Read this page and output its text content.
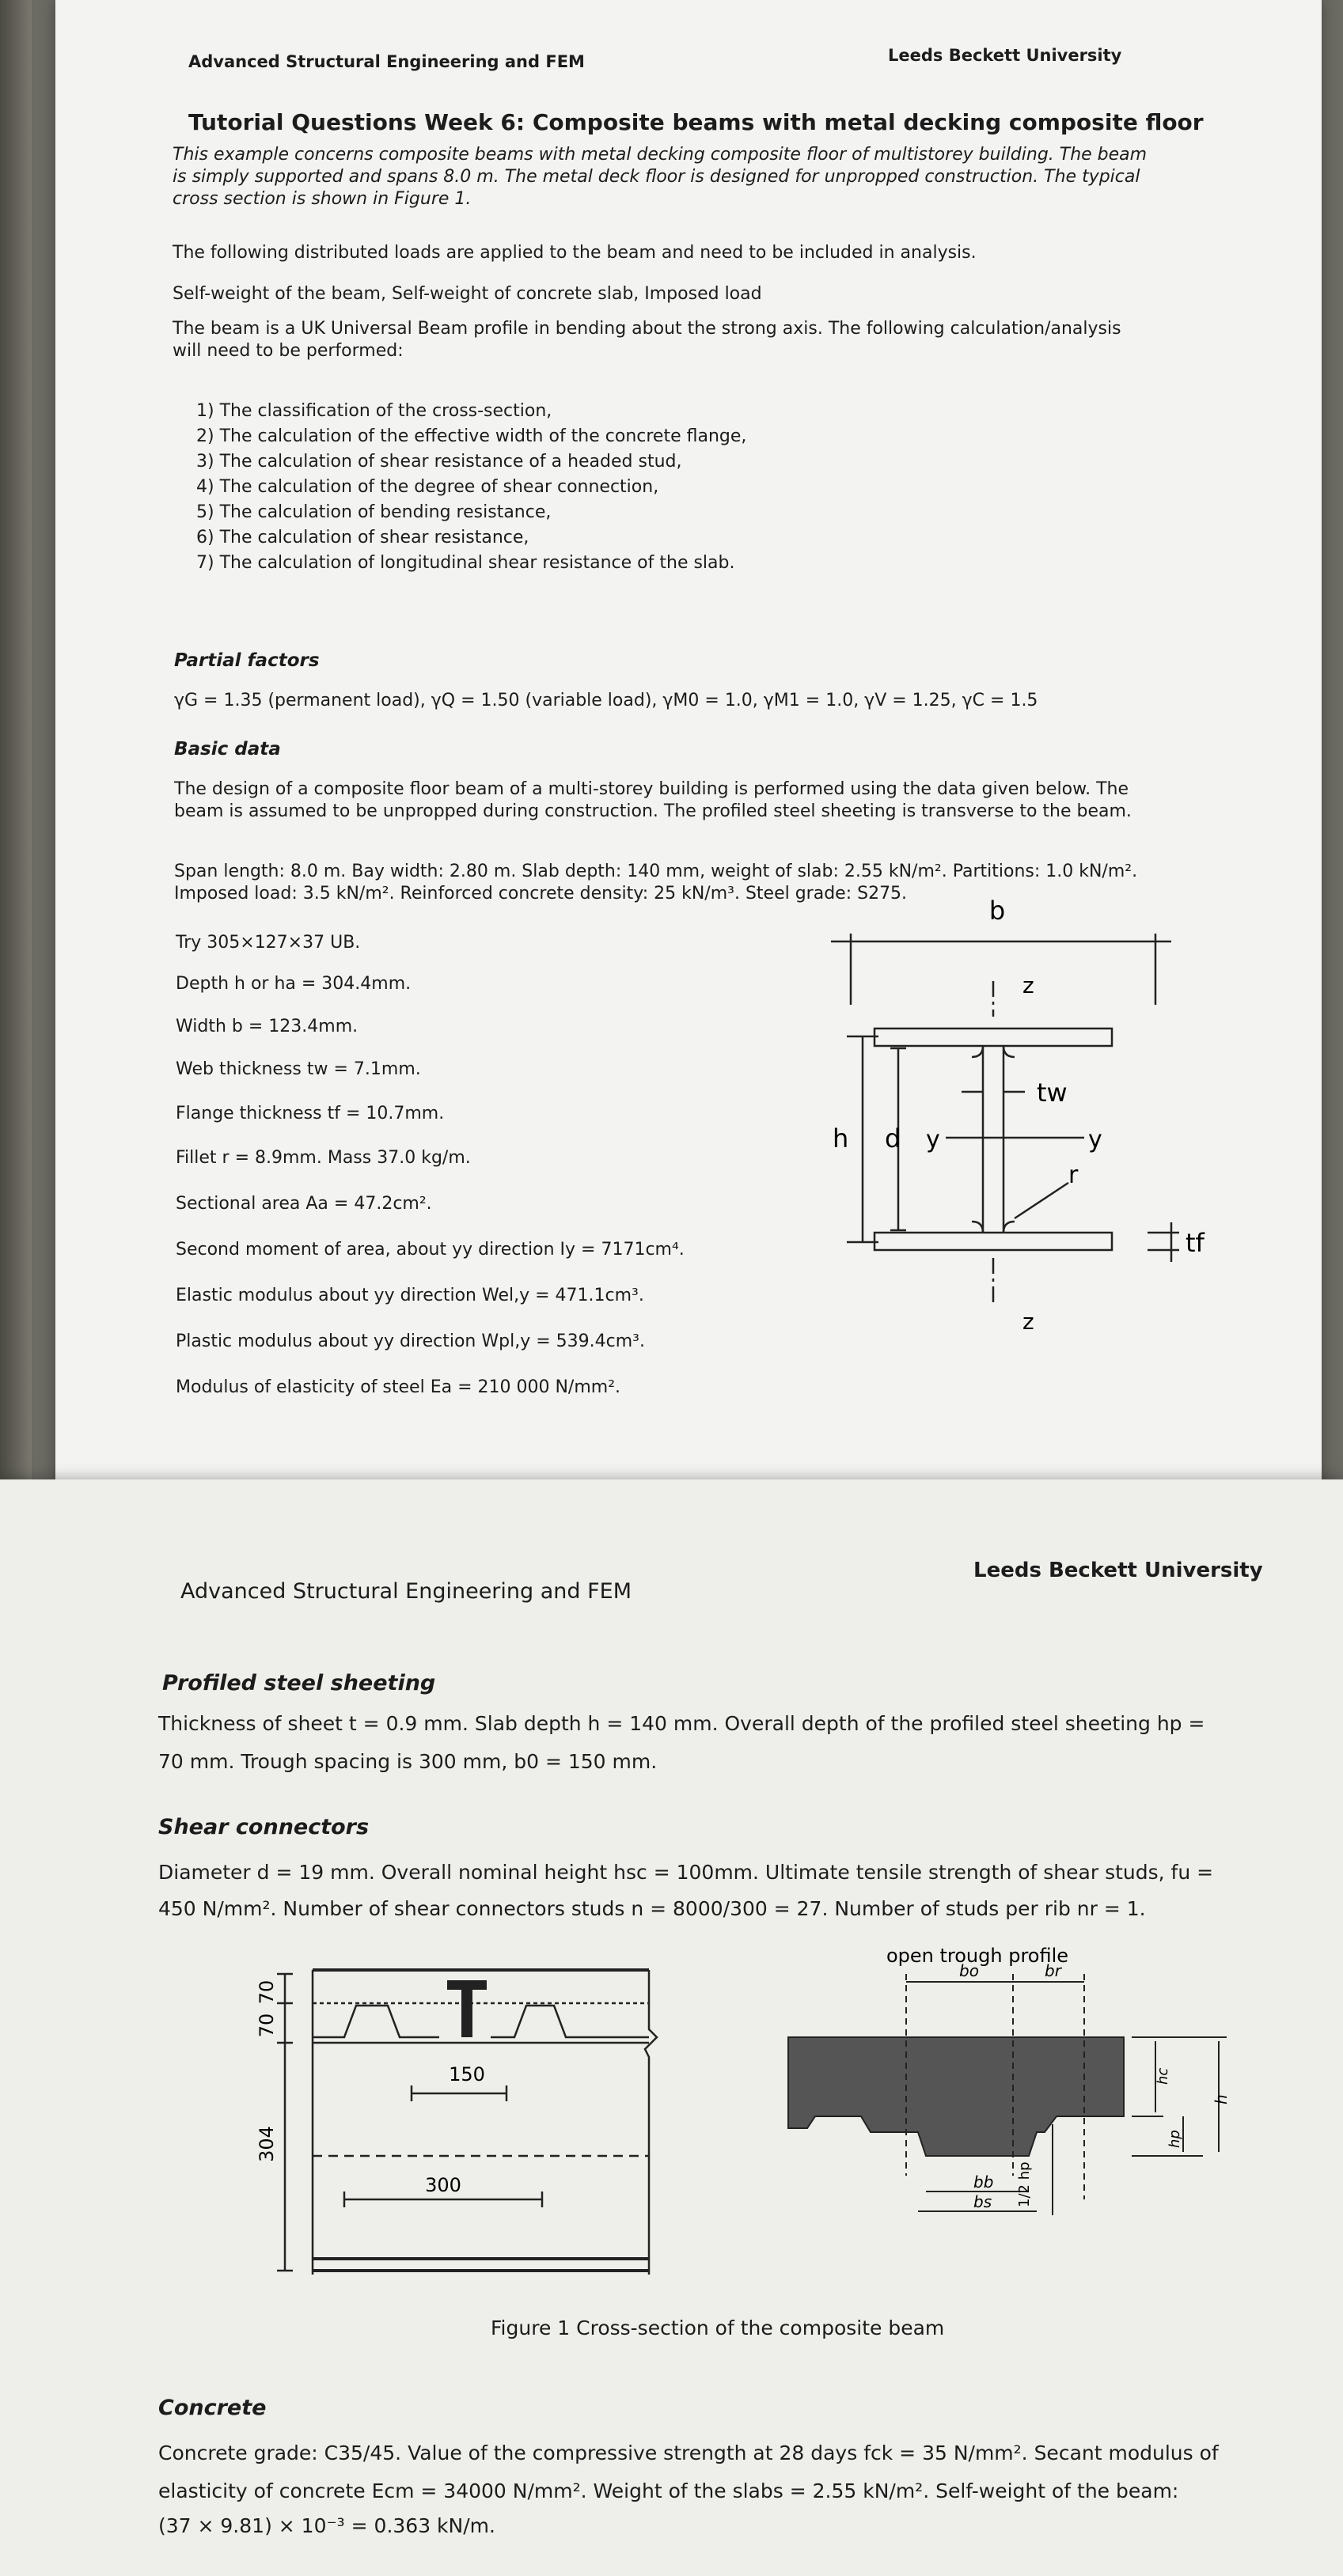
Advanced Structural Engineering and FEM	Leeds Beckett University
Tutorial Questions Week 6: Composite beams with metal decking composite floor
This example concerns composite beams with metal decking composite floor of multistorey building. The beam
is simply supported and spans 8.0 m. The metal deck floor is designed for unpropped construction. The typical
cross section is shown in Figure 1.
The following distributed loads are applied to the beam and need to be included in analysis.
Self-weight of the beam, Self-weight of concrete slab, Imposed load
The beam is a UK Universal Beam profile in bending about the strong axis. The following calculation/analysis
will need to be performed:
1) The classification of the cross-section,
2) The calculation of the effective width of the concrete flange,
3) The calculation of shear resistance of a headed stud,
4) The calculation of the degree of shear connection,
5) The calculation of bending resistance,
6) The calculation of shear resistance,
7) The calculation of longitudinal shear resistance of the slab.
Partial factors
γG = 1.35 (permanent load), γQ = 1.50 (variable load), γM0 = 1.0, γM1 = 1.0, γV = 1.25, γC = 1.5
Basic data
The design of a composite floor beam of a multi-storey building is performed using the data given below. The
beam is assumed to be unpropped during construction. The profiled steel sheeting is transverse to the beam.
Span length: 8.0 m. Bay width: 2.80 m. Slab depth: 140 mm, weight of slab: 2.55 kN/m². Partitions: 1.0 kN/m².
Imposed load: 3.5 kN/m². Reinforced concrete density: 25 kN/m³. Steel grade: S275.
Try 305×127×37 UB.
Depth h or ha = 304.4mm.
Width b = 123.4mm.
Web thickness tw = 7.1mm.
Flange thickness tf = 10.7mm.
Fillet r = 8.9mm. Mass 37.0 kg/m.
Sectional area Aa = 47.2cm².
Second moment of area, about yy direction Iy = 7171cm⁴.
Elastic modulus about yy direction Wel,y = 471.1cm³.
Plastic modulus about yy direction Wpl,y = 539.4cm³.
Modulus of elasticity of steel Ea = 210 000 N/mm².
b
z
z
h d y	y
tw
r
tf
Advanced Structural Engineering and FEM
Leeds Beckett University
Profiled steel sheeting
Thickness of sheet t = 0.9 mm. Slab depth h = 140 mm. Overall depth of the profiled steel sheeting hp =
70 mm. Trough spacing is 300 mm, b0 = 150 mm.
Shear connectors
Diameter d = 19 mm. Overall nominal height hsc = 100mm. Ultimate tensile strength of shear studs, fu =
450 N/mm². Number of shear connectors studs n = 8000/300 = 27. Number of studs per rib nr = 1.
70
70
304
150
300
open trough profile
bo	br
bb
bs 1/2 hp
hc
hp
h
Figure 1 Cross-section of the composite beam
Concrete
Concrete grade: C35/45. Value of the compressive strength at 28 days fck = 35 N/mm². Secant modulus of
elasticity of concrete Ecm = 34000 N/mm². Weight of the slabs = 2.55 kN/m². Self-weight of the beam:
(37 × 9.81) × 10⁻³ = 0.363 kN/m.
